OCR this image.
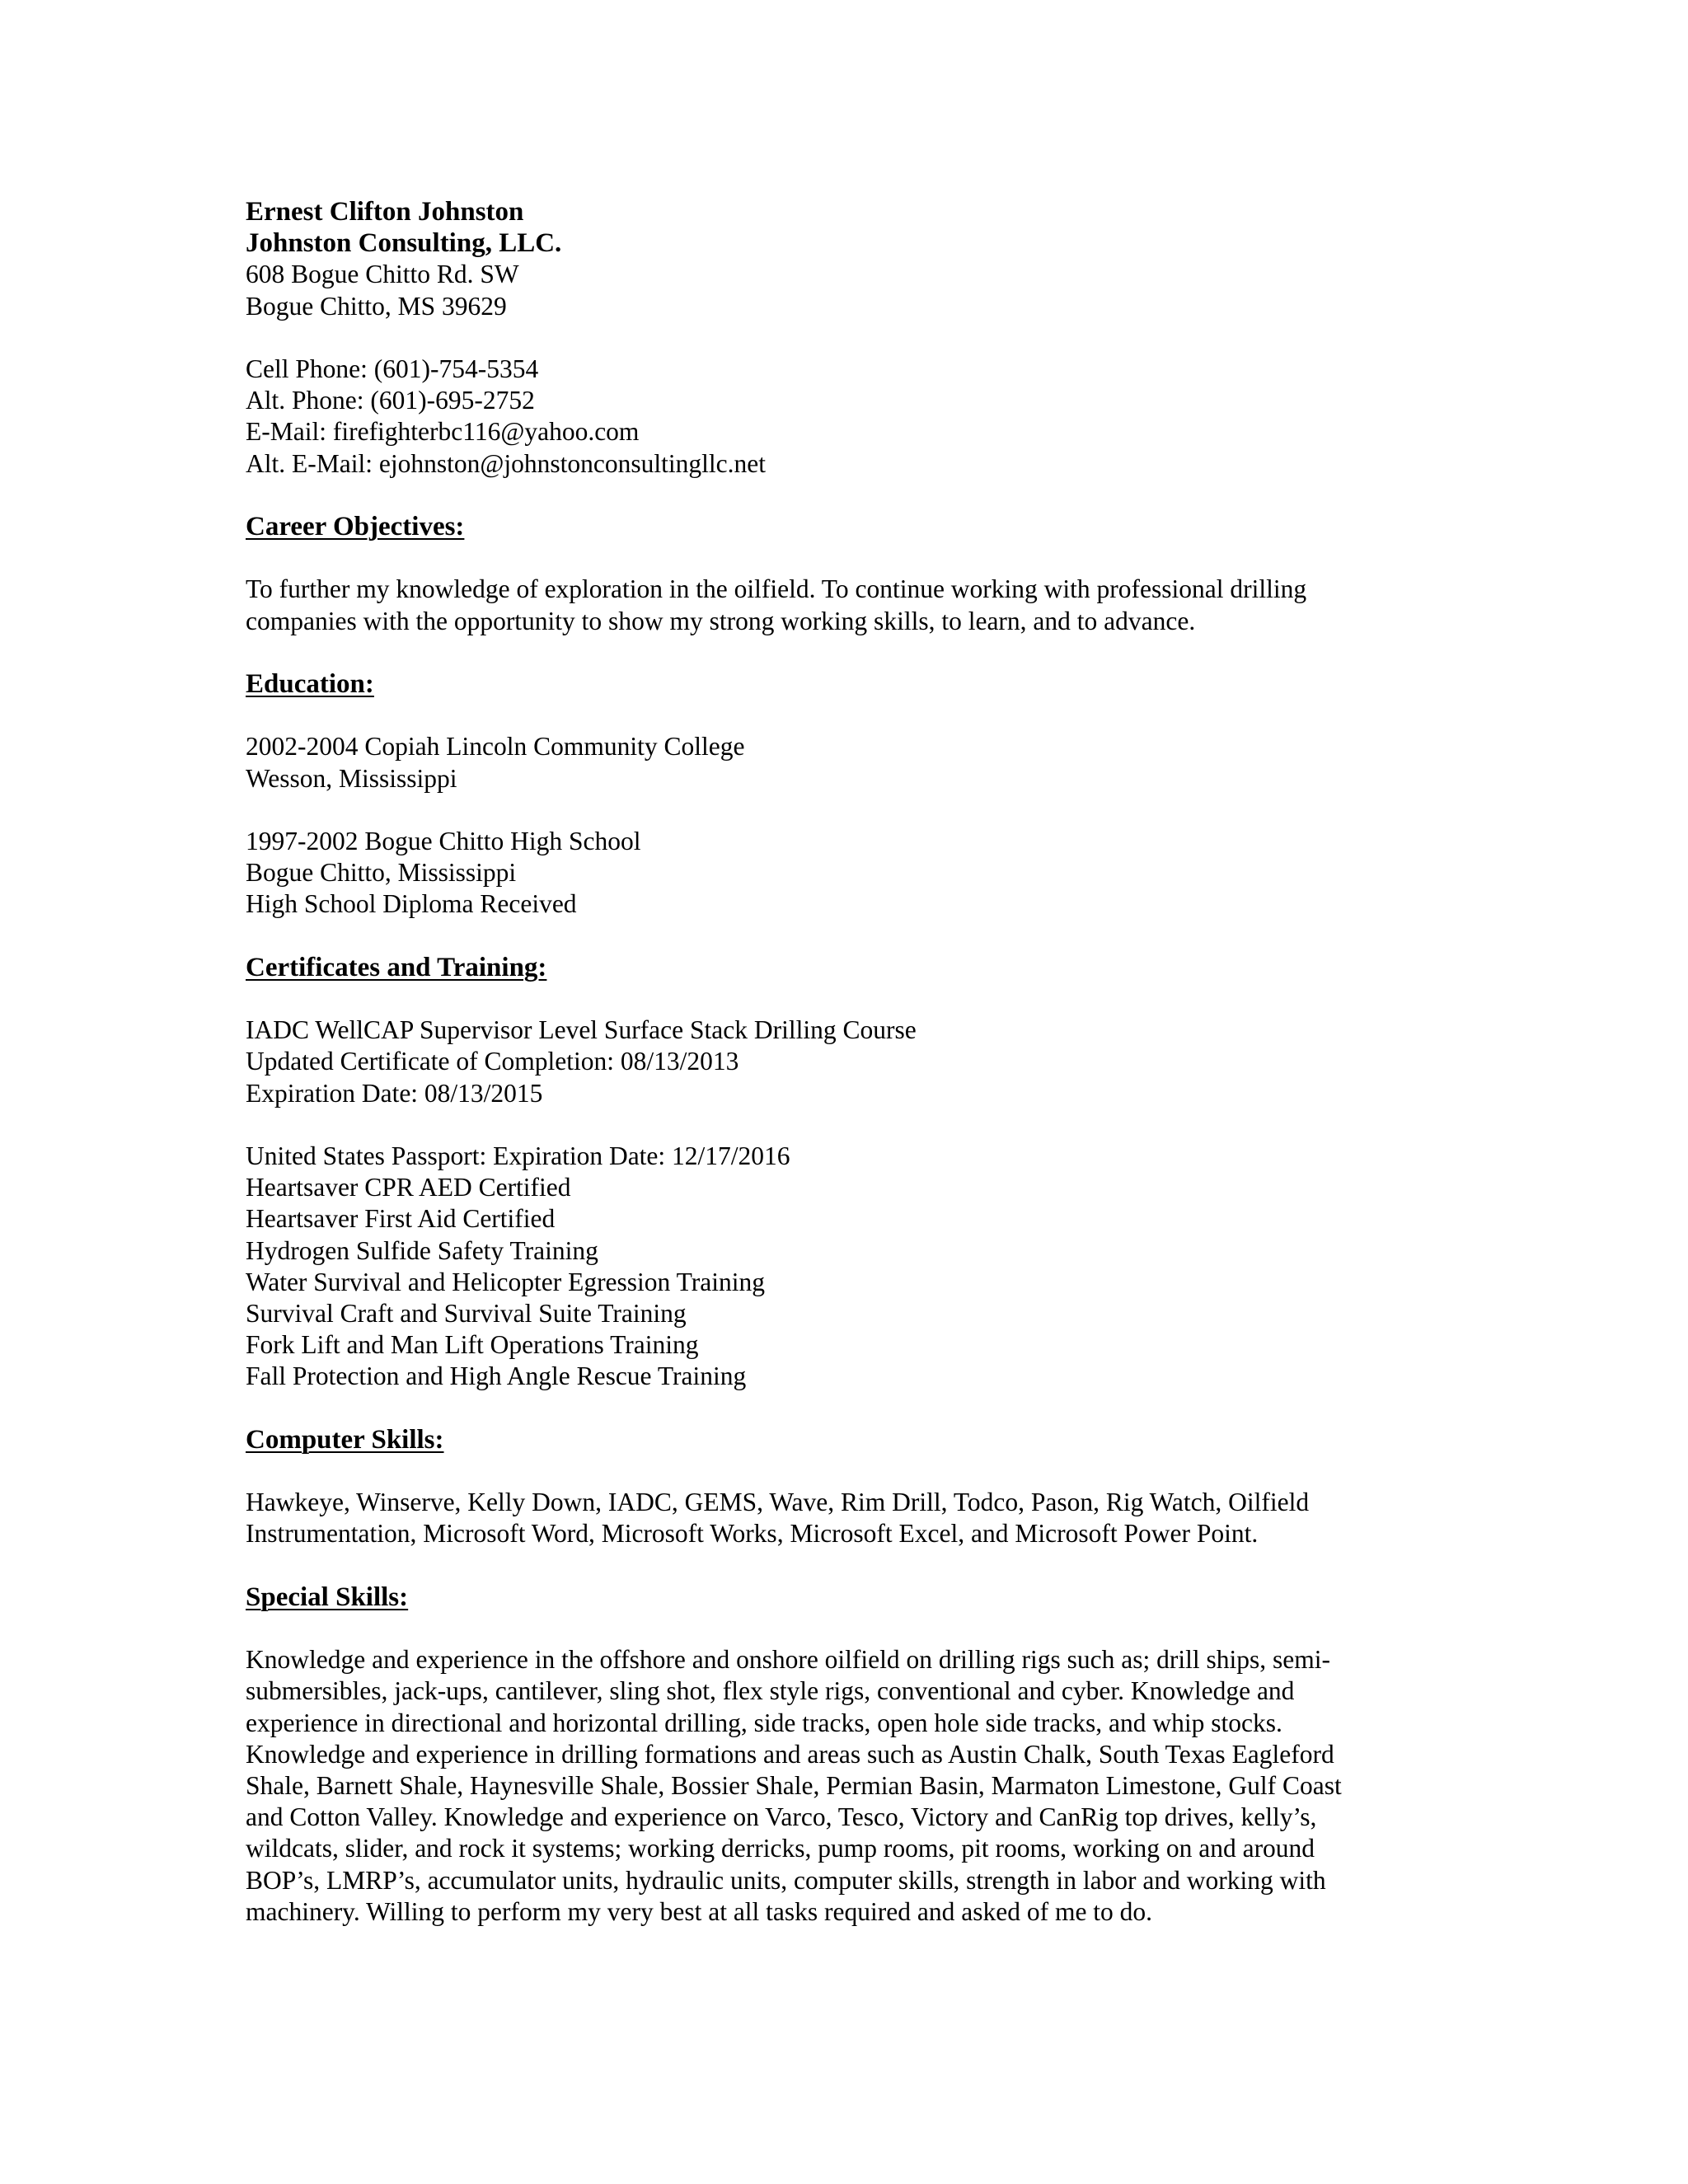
Ernest Clifton Johnston
Johnston Consulting, LLC.
608 Bogue Chitto Rd. SW
Bogue Chitto, MS 39629
Cell Phone: (601)-754-5354
Alt. Phone: (601)-695-2752
E-Mail: firefighterbc116@yahoo.com
Alt. E-Mail: ejohnston@johnstonconsultingllc.net
Career Objectives:
To further my knowledge of exploration in the oilfield. To continue working with professional drilling
companies with the opportunity to show my strong working skills, to learn, and to advance.
Education:
2002-2004 Copiah Lincoln Community College
Wesson, Mississippi
1997-2002 Bogue Chitto High School
Bogue Chitto, Mississippi
High School Diploma Received
Certificates and Training:
IADC WellCAP Supervisor Level Surface Stack Drilling Course
Updated Certificate of Completion: 08/13/2013
Expiration Date: 08/13/2015
United States Passport: Expiration Date: 12/17/2016
Heartsaver CPR AED Certified
Heartsaver First Aid Certified
Hydrogen Sulfide Safety Training
Water Survival and Helicopter Egression Training
Survival Craft and Survival Suite Training
Fork Lift and Man Lift Operations Training
Fall Protection and High Angle Rescue Training
Computer Skills:
Hawkeye, Winserve, Kelly Down, IADC, GEMS, Wave, Rim Drill, Todco, Pason, Rig Watch, Oilfield
Instrumentation, Microsoft Word, Microsoft Works, Microsoft Excel, and Microsoft Power Point.
Special Skills:
Knowledge and experience in the offshore and onshore oilfield on drilling rigs such as; drill ships, semi-
submersibles, jack-ups, cantilever, sling shot, flex style rigs, conventional and cyber. Knowledge and
experience in directional and horizontal drilling, side tracks, open hole side tracks, and whip stocks.
Knowledge and experience in drilling formations and areas such as Austin Chalk, South Texas Eagleford
Shale, Barnett Shale, Haynesville Shale, Bossier Shale, Permian Basin, Marmaton Limestone, Gulf Coast
and Cotton Valley. Knowledge and experience on Varco, Tesco, Victory and CanRig top drives, kelly’s,
wildcats, slider, and rock it systems; working derricks, pump rooms, pit rooms, working on and around
BOP’s, LMRP’s, accumulator units, hydraulic units, computer skills, strength in labor and working with
machinery. Willing to perform my very best at all tasks required and asked of me to do.
